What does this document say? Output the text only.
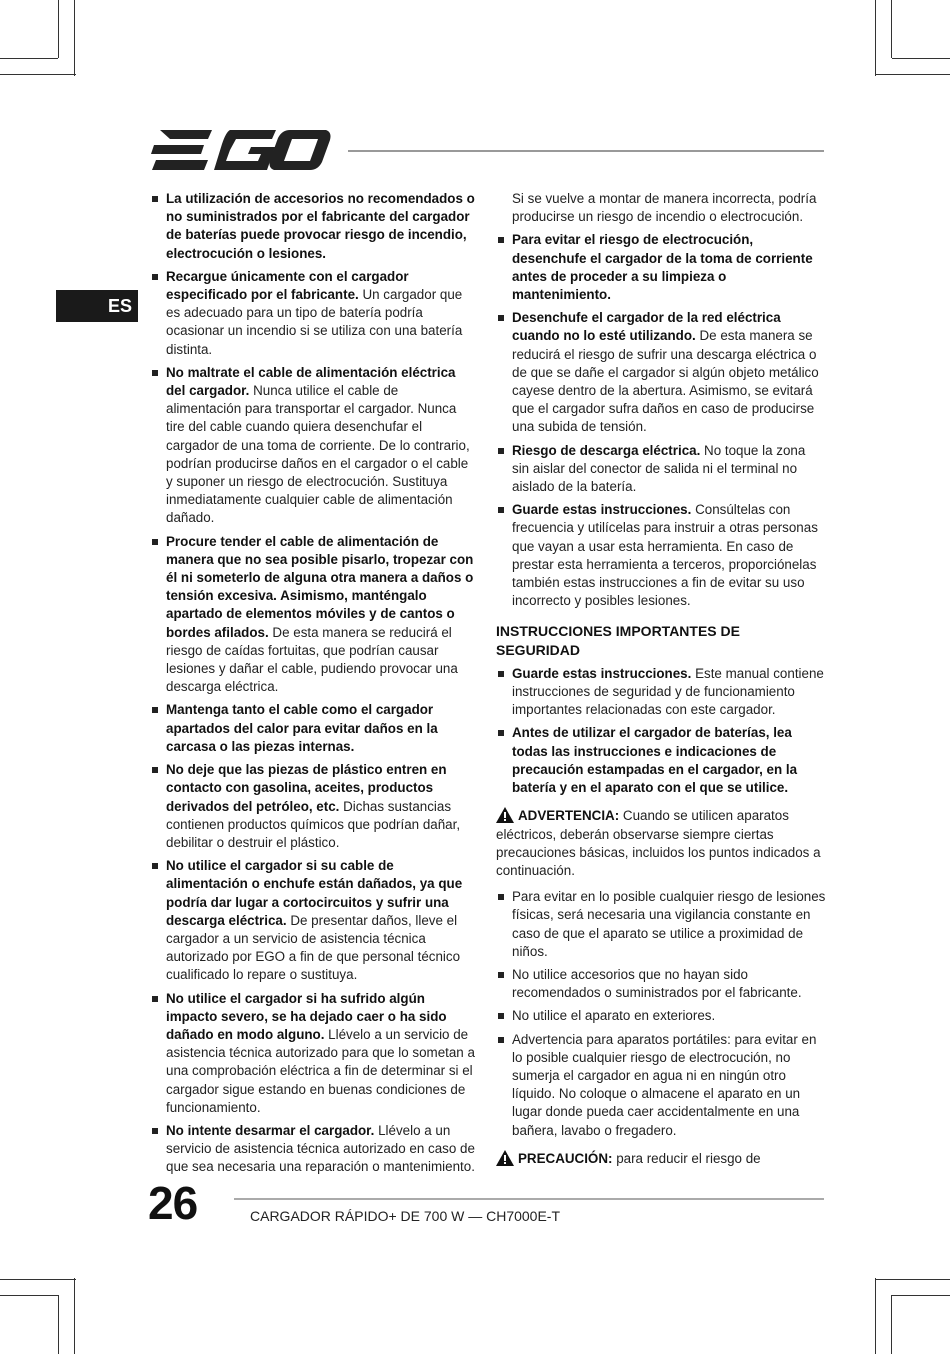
ES
La utilización de accesorios no recomendados o no suministrados por el fabricante del cargador de baterías puede provocar riesgo de incendio, electrocución o lesiones.
Recargue únicamente con el cargador especificado por el fabricante. Un cargador que es adecuado para un tipo de batería podría ocasionar un incendio si se utiliza con una batería distinta.
No maltrate el cable de alimentación eléctrica del cargador. Nunca utilice el cable de alimentación para transportar el cargador. Nunca tire del cable cuando quiera desenchufar el cargador de una toma de corriente. De lo contrario, podrían producirse daños en el cargador o el cable y suponer un riesgo de electrocución. Sustituya inmediatamente cualquier cable de alimentación dañado.
Procure tender el cable de alimentación de manera que no sea posible pisarlo, tropezar con él ni someterlo de alguna otra manera a daños o tensión excesiva. Asimismo, manténgalo apartado de elementos móviles y de cantos o bordes afilados. De esta manera se reducirá el riesgo de caídas fortuitas, que podrían causar lesiones y dañar el cable, pudiendo provocar una descarga eléctrica.
Mantenga tanto el cable como el cargador apartados del calor para evitar daños en la carcasa o las piezas internas.
No deje que las piezas de plástico entren en contacto con gasolina, aceites, productos derivados del petróleo, etc. Dichas sustancias contienen productos químicos que podrían dañar, debilitar o destruir el plástico.
No utilice el cargador si su cable de alimentación o enchufe están dañados, ya que podría dar lugar a cortocircuitos y sufrir una descarga eléctrica. De presentar daños, lleve el cargador a un servicio de asistencia técnica autorizado por EGO a fin de que personal técnico cualificado lo repare o sustituya.
No utilice el cargador si ha sufrido algún impacto severo, se ha dejado caer o ha sido dañado en modo alguno. Llévelo a un servicio de asistencia técnica autorizado para que lo sometan a una comprobación eléctrica a fin de determinar si el cargador sigue estando en buenas condiciones de funcionamiento.
No intente desarmar el cargador. Llévelo a un servicio de asistencia técnica autorizado en caso de que sea necesaria una reparación o mantenimiento.

Si se vuelve a montar de manera incorrecta, podría producirse un riesgo de incendio o electrocución.

Para evitar el riesgo de electrocución, desenchufe el cargador de la toma de corriente antes de proceder a su limpieza o mantenimiento.
Desenchufe el cargador de la red eléctrica cuando no lo esté utilizando. De esta manera se reducirá el riesgo de sufrir una descarga eléctrica o de que se dañe el cargador si algún objeto metálico cayese dentro de la abertura. Asimismo, se evitará que el cargador sufra daños en caso de producirse una subida de tensión.
Riesgo de descarga eléctrica. No toque la zona sin aislar del conector de salida ni el terminal no aislado de la batería.
Guarde estas instrucciones. Consúltelas con frecuencia y utilícelas para instruir a otras personas que vayan a usar esta herramienta. En caso de prestar esta herramienta a terceros, proporciónelas también estas instrucciones a fin de evitar su uso incorrecto y posibles lesiones.
INSTRUCCIONES IMPORTANTES DE SEGURIDAD
Guarde estas instrucciones. Este manual contiene instrucciones de seguridad y de funcionamiento importantes relacionadas con este cargador.
Antes de utilizar el cargador de baterías, lea todas las instrucciones e indicaciones de precaución estampadas en el cargador, en la batería y en el aparato con el que se utilice.
ADVERTENCIA: Cuando se utilicen aparatos eléctricos, deberán observarse siempre ciertas precauciones básicas, incluidos los puntos indicados a continuación.
Para evitar en lo posible cualquier riesgo de lesiones físicas, será necesaria una vigilancia constante en caso de que el aparato se utilice a proximidad de niños.
No utilice accesorios que no hayan sido recomendados o suministrados por el fabricante.
No utilice el aparato en exteriores.
Advertencia para aparatos portátiles: para evitar en lo posible cualquier riesgo de electrocución, no sumerja el cargador en agua ni en ningún otro líquido. No coloque o almacene el aparato en un lugar donde pueda caer accidentalmente en una bañera, lavabo o fregadero.
PRECAUCIÓN: para reducir el riesgo de
26	CARGADOR RÁPIDO+ DE 700 W — CH7000E-T
